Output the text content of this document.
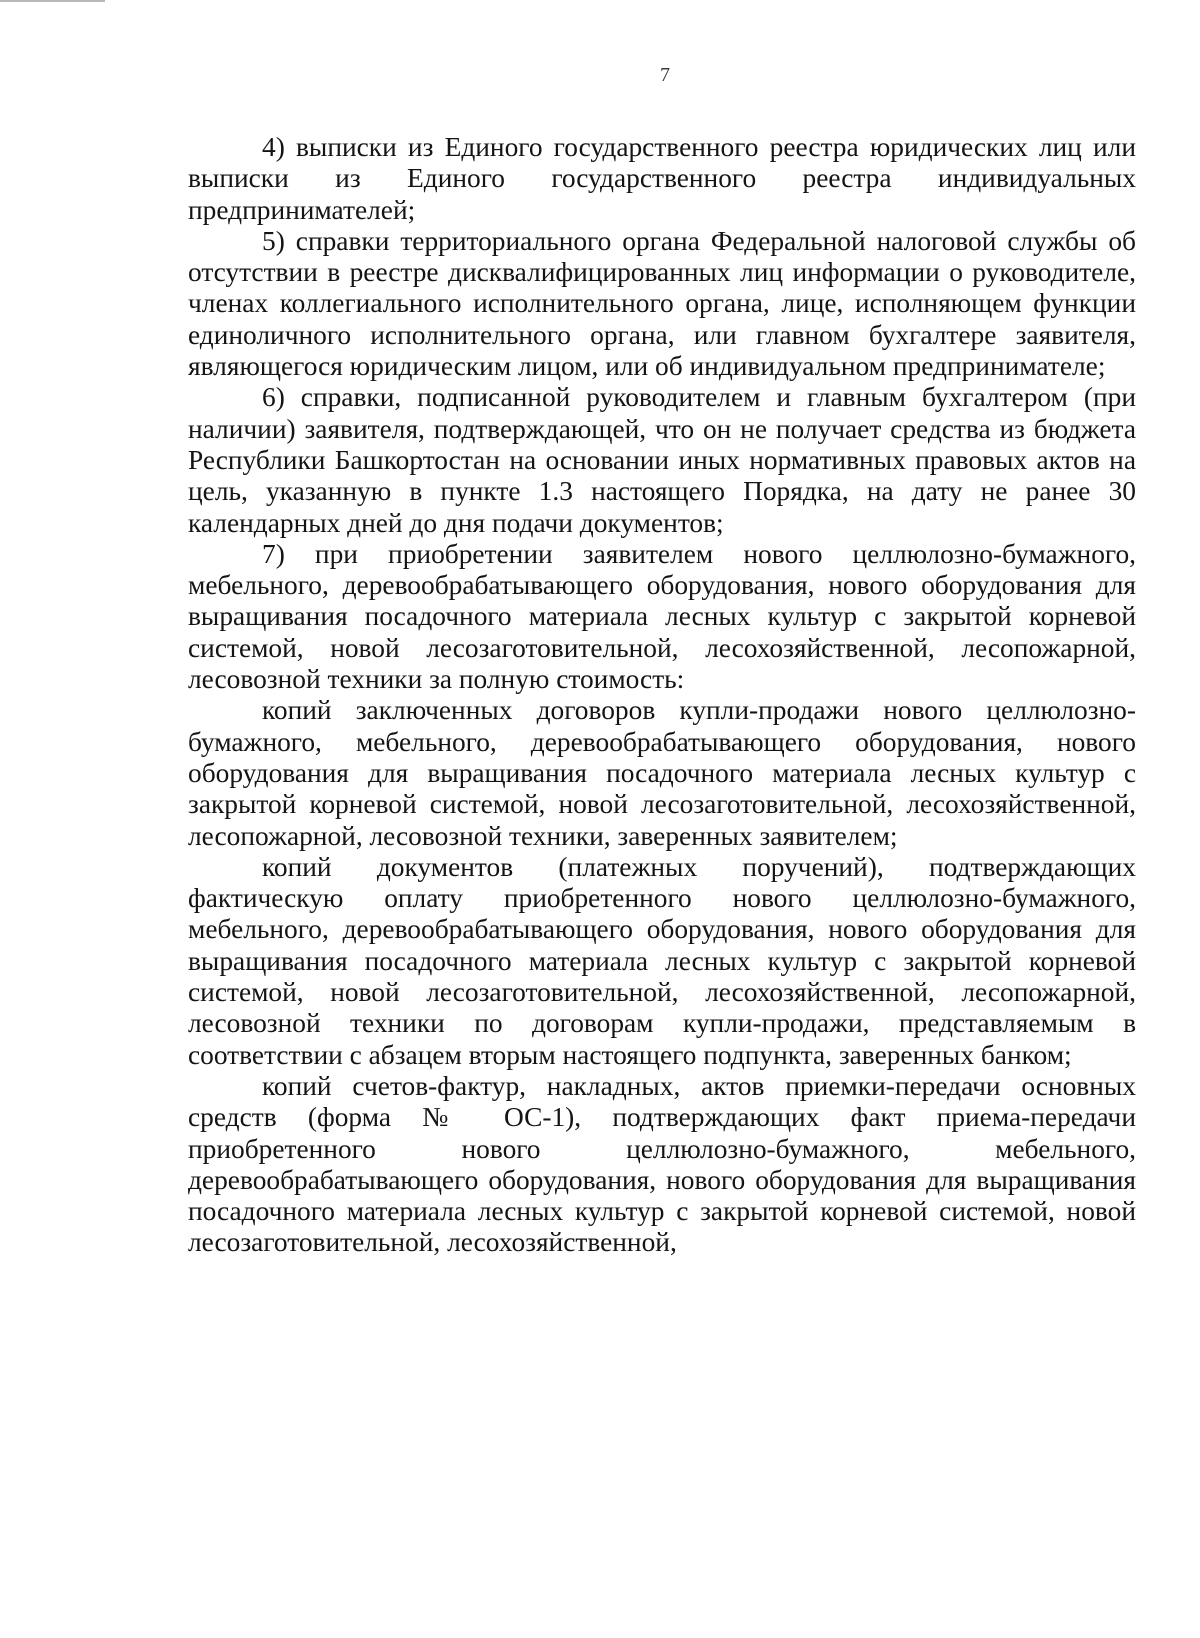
7

4) выписки из Единого государственного реестра юридических лиц или выписки из Единого государственного реестра индивидуальных предпринимателей;

5) справки территориального органа Федеральной налоговой службы об отсутствии в реестре дисквалифицированных лиц информации о руководителе, членах коллегиального исполнительного органа, лице, исполняющем функции единоличного исполнительного органа, или главном бухгалтере заявителя, являющегося юридическим лицом, или об индивидуальном предпринимателе;

6) справки, подписанной руководителем и главным бухгалтером (при наличии) заявителя, подтверждающей, что он не получает средства из бюджета Республики Башкортостан на основании иных нормативных правовых актов на цель, указанную в пункте 1.3 настоящего Порядка, на дату не ранее 30 календарных дней до дня подачи документов;

7) при приобретении заявителем нового целлюлозно-бумажного, мебельного, деревообрабатывающего оборудования, нового оборудования для выращивания посадочного материала лесных культур с закрытой корневой системой, новой лесозаготовительной, лесохозяйственной, лесопожарной, лесовозной техники за полную стоимость:

копий заключенных договоров купли-продажи нового целлюлозно-бумажного, мебельного, деревообрабатывающего оборудования, нового оборудования для выращивания посадочного материала лесных культур с закрытой корневой системой, новой лесозаготовительной, лесохозяйственной, лесопожарной, лесовозной техники, заверенных заявителем;

копий документов (платежных поручений), подтверждающих фактическую оплату приобретенного нового целлюлозно-бумажного, мебельного, деревообрабатывающего оборудования, нового оборудования для выращивания посадочного материала лесных культур с закрытой корневой системой, новой лесозаготовительной, лесохозяйственной, лесопожарной, лесовозной техники по договорам купли-продажи, представляемым в соответствии с абзацем вторым настоящего подпункта, заверенных банком;

копий счетов-фактур, накладных, актов приемки-передачи основных средств (форма № ОС-1), подтверждающих факт приема-передачи приобретенного нового целлюлозно-бумажного, мебельного, деревообрабатывающего оборудования, нового оборудования для выращивания посадочного материала лесных культур с закрытой корневой системой, новой лесозаготовительной, лесохозяйственной,
